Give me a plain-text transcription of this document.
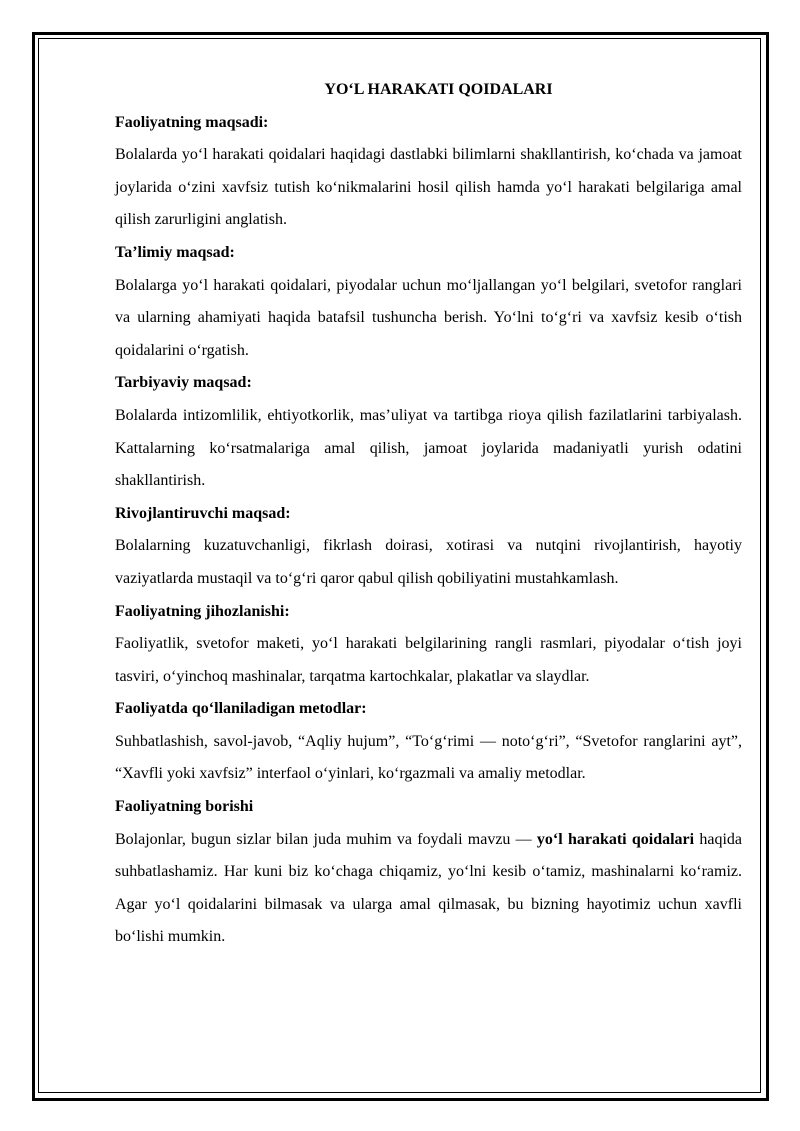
YO‘L HARAKATI QOIDALARI

Faoliyatning maqsadi:

Bolalarda yo‘l harakati qoidalari haqidagi dastlabki bilimlarni shakllantirish, ko‘chada va jamoat joylarida o‘zini xavfsiz tutish ko‘nikmalarini hosil qilish hamda yo‘l harakati belgilariga amal qilish zarurligini anglatish.

Ta’limiy maqsad:

Bolalarga yo‘l harakati qoidalari, piyodalar uchun mo‘ljallangan yo‘l belgilari, svetofor ranglari va ularning ahamiyati haqida batafsil tushuncha berish. Yo‘lni to‘g‘ri va xavfsiz kesib o‘tish qoidalarini o‘rgatish.

Tarbiyaviy maqsad:

Bolalarda intizomlilik, ehtiyotkorlik, mas’uliyat va tartibga rioya qilish fazilatlarini tarbiyalash. Kattalarning ko‘rsatmalariga amal qilish, jamoat joylarida madaniyatli yurish odatini shakllantirish.

Rivojlantiruvchi maqsad:

Bolalarning kuzatuvchanligi, fikrlash doirasi, xotirasi va nutqini rivojlantirish, hayotiy vaziyatlarda mustaqil va to‘g‘ri qaror qabul qilish qobiliyatini mustahkamlash.

Faoliyatning jihozlanishi:

Faoliyatlik, svetofor maketi, yo‘l harakati belgilarining rangli rasmlari, piyodalar o‘tish joyi tasviri, o‘yinchoq mashinalar, tarqatma kartochkalar, plakatlar va slaydlar.

Faoliyatda qo‘llaniladigan metodlar:

Suhbatlashish, savol-javob, “Aqliy hujum”, “To‘g‘rimi — noto‘g‘ri”, “Svetofor ranglarini ayt”, “Xavfli yoki xavfsiz” interfaol o‘yinlari, ko‘rgazmali va amaliy metodlar.

Faoliyatning borishi

Bolajonlar, bugun sizlar bilan juda muhim va foydali mavzu — yo‘l harakati qoidalari haqida suhbatlashamiz. Har kuni biz ko‘chaga chiqamiz, yo‘lni kesib o‘tamiz, mashinalarni ko‘ramiz. Agar yo‘l qoidalarini bilmasak va ularga amal qilmasak, bu bizning hayotimiz uchun xavfli bo‘lishi mumkin.
